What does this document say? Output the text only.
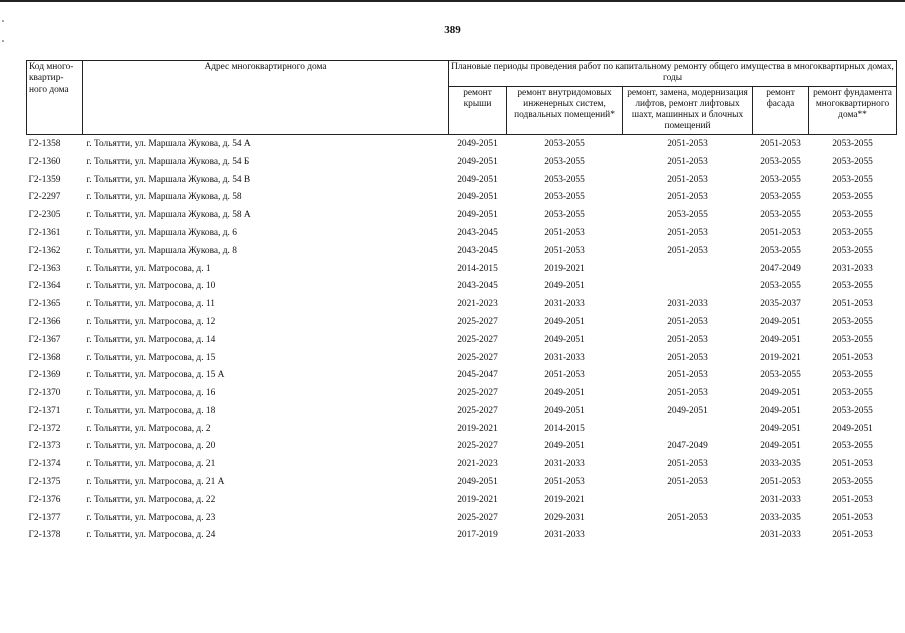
389
Код много-квартир-ного дома	Адрес многоквартирного дома	Плановые периоды проведения работ по капитальному ремонту общего имущества в многоквартирных домах, годы				
		ремонт крыши	ремонт внутридомовых инженерных систем, подвальных помещений*	ремонт, замена, модернизация лифтов, ремонт лифтовых шахт, машинных и блочных помещений	ремонт фасада	ремонт фундамента многоквартирного дома**
Г2-1358	г. Тольятти, ул. Маршала Жукова, д. 54 А	2049-2051	2053-2055	2051-2053	2051-2053	2053-2055
Г2-1360	г. Тольятти, ул. Маршала Жукова, д. 54 Б	2049-2051	2053-2055	2051-2053	2053-2055	2053-2055
Г2-1359	г. Тольятти, ул. Маршала Жукова, д. 54 В	2049-2051	2053-2055	2051-2053	2053-2055	2053-2055
Г2-2297	г. Тольятти, ул. Маршала Жукова, д. 58	2049-2051	2053-2055	2051-2053	2053-2055	2053-2055
Г2-2305	г. Тольятти, ул. Маршала Жукова, д. 58 А	2049-2051	2053-2055	2053-2055	2053-2055	2053-2055
Г2-1361	г. Тольятти, ул. Маршала Жукова, д. 6	2043-2045	2051-2053	2051-2053	2051-2053	2053-2055
Г2-1362	г. Тольятти, ул. Маршала Жукова, д. 8	2043-2045	2051-2053	2051-2053	2053-2055	2053-2055
Г2-1363	г. Тольятти, ул. Матросова, д. 1	2014-2015	2019-2021		2047-2049	2031-2033
Г2-1364	г. Тольятти, ул. Матросова, д. 10	2043-2045	2049-2051		2053-2055	2053-2055
Г2-1365	г. Тольятти, ул. Матросова, д. 11	2021-2023	2031-2033	2031-2033	2035-2037	2051-2053
Г2-1366	г. Тольятти, ул. Матросова, д. 12	2025-2027	2049-2051	2051-2053	2049-2051	2053-2055
Г2-1367	г. Тольятти, ул. Матросова, д. 14	2025-2027	2049-2051	2051-2053	2049-2051	2053-2055
Г2-1368	г. Тольятти, ул. Матросова, д. 15	2025-2027	2031-2033	2051-2053	2019-2021	2051-2053
Г2-1369	г. Тольятти, ул. Матросова, д. 15 А	2045-2047	2051-2053	2051-2053	2053-2055	2053-2055
Г2-1370	г. Тольятти, ул. Матросова, д. 16	2025-2027	2049-2051	2051-2053	2049-2051	2053-2055
Г2-1371	г. Тольятти, ул. Матросова, д. 18	2025-2027	2049-2051	2049-2051	2049-2051	2053-2055
Г2-1372	г. Тольятти, ул. Матросова, д. 2	2019-2021	2014-2015		2049-2051	2049-2051
Г2-1373	г. Тольятти, ул. Матросова, д. 20	2025-2027	2049-2051	2047-2049	2049-2051	2053-2055
Г2-1374	г. Тольятти, ул. Матросова, д. 21	2021-2023	2031-2033	2051-2053	2033-2035	2051-2053
Г2-1375	г. Тольятти, ул. Матросова, д. 21 А	2049-2051	2051-2053	2051-2053	2051-2053	2053-2055
Г2-1376	г. Тольятти, ул. Матросова, д. 22	2019-2021	2019-2021		2031-2033	2051-2053
Г2-1377	г. Тольятти, ул. Матросова, д. 23	2025-2027	2029-2031	2051-2053	2033-2035	2051-2053
Г2-1378	г. Тольятти, ул. Матросова, д. 24	2017-2019	2031-2033		2031-2033	2051-2053
